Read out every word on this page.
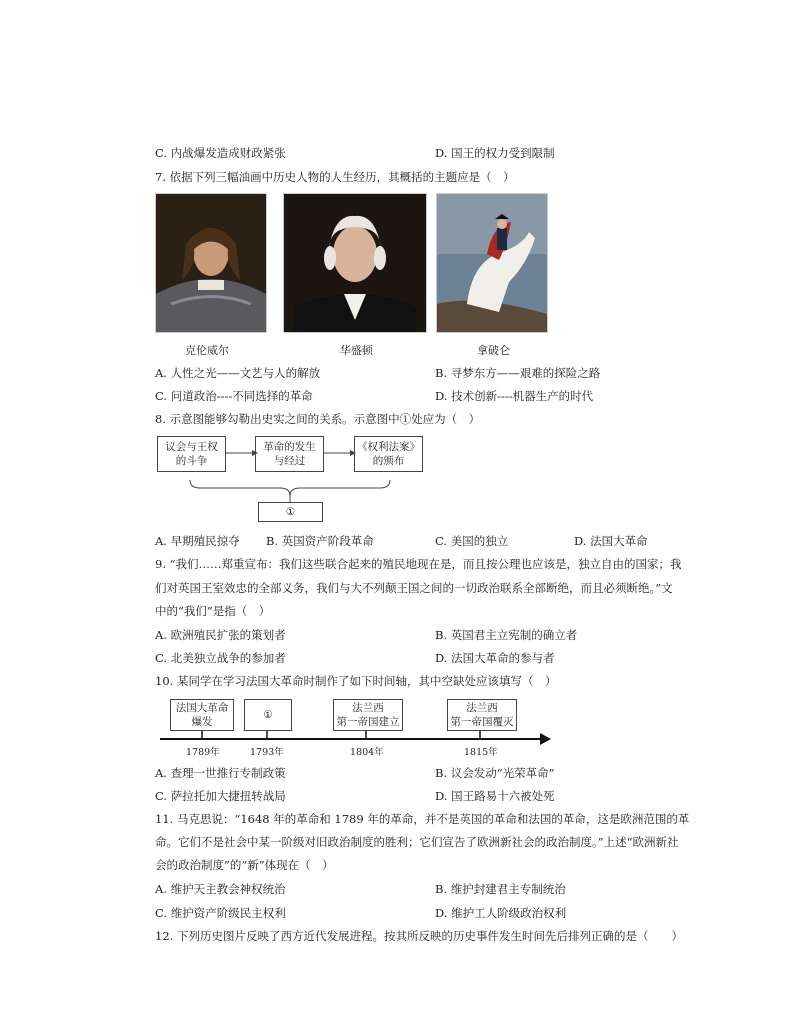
C. 内战爆发造成财政紧张	D. 国王的权力受到限制
7. 依据下列三幅油画中历史人物的人生经历，其概括的主题应是（　）
克伦威尔	华盛顿	拿破仑
A. 人性之光——文艺与人的解放	B. 寻梦东方——艰难的探险之路
C. 问道政治----不同选择的革命	D. 技术创新----机器生产的时代
8. 示意图能够勾勒出史实之间的关系。示意图中①处应为（　）
议会与王权
的斗争
革命的发生
与经过
《权利法案》
的颁布
①
A. 早期殖民掠夺 B. 英国资产阶段革命	C. 美国的独立	D. 法国大革命
9. “我们……郑重宣布：我们这些联合起来的殖民地现在是，而且按公理也应该是，独立自由的国家；我
们对英国王室效忠的全部义务，我们与大不列颠王国之间的一切政治联系全部断绝，而且必须断绝。”文
中的“我们”是指（　）
A. 欧洲殖民扩张的策划者	B. 英国君主立宪制的确立者
C. 北美独立战争的参加者	D. 法国大革命的参与者
10. 某同学在学习法国大革命时制作了如下时间轴，其中空缺处应该填写（　）
法国大革命
爆发
①
法兰西
第一帝国建立
法兰西
第一帝国覆灭
1789年	1793年	1804年	1815年
A. 查理一世推行专制政策	B. 议会发动“光荣革命”
C. 萨拉托加大捷扭转战局	D. 国王路易十六被处死
11. 马克思说：“1648 年的革命和 1789 年的革命，并不是英国的革命和法国的革命，这是欧洲范围的革
命。它们不是社会中某一阶级对旧政治制度的胜利；它们宣告了欧洲新社会的政治制度。”上述“欧洲新社
会的政治制度”的“新”体现在（　）
A. 维护天主教会神权统治	B. 维护封建君主专制统治
C. 维护资产阶级民主权利	D. 维护工人阶级政治权利
12. 下列历史图片反映了西方近代发展进程。按其所反映的历史事件发生时间先后排列正确的是（　　）
